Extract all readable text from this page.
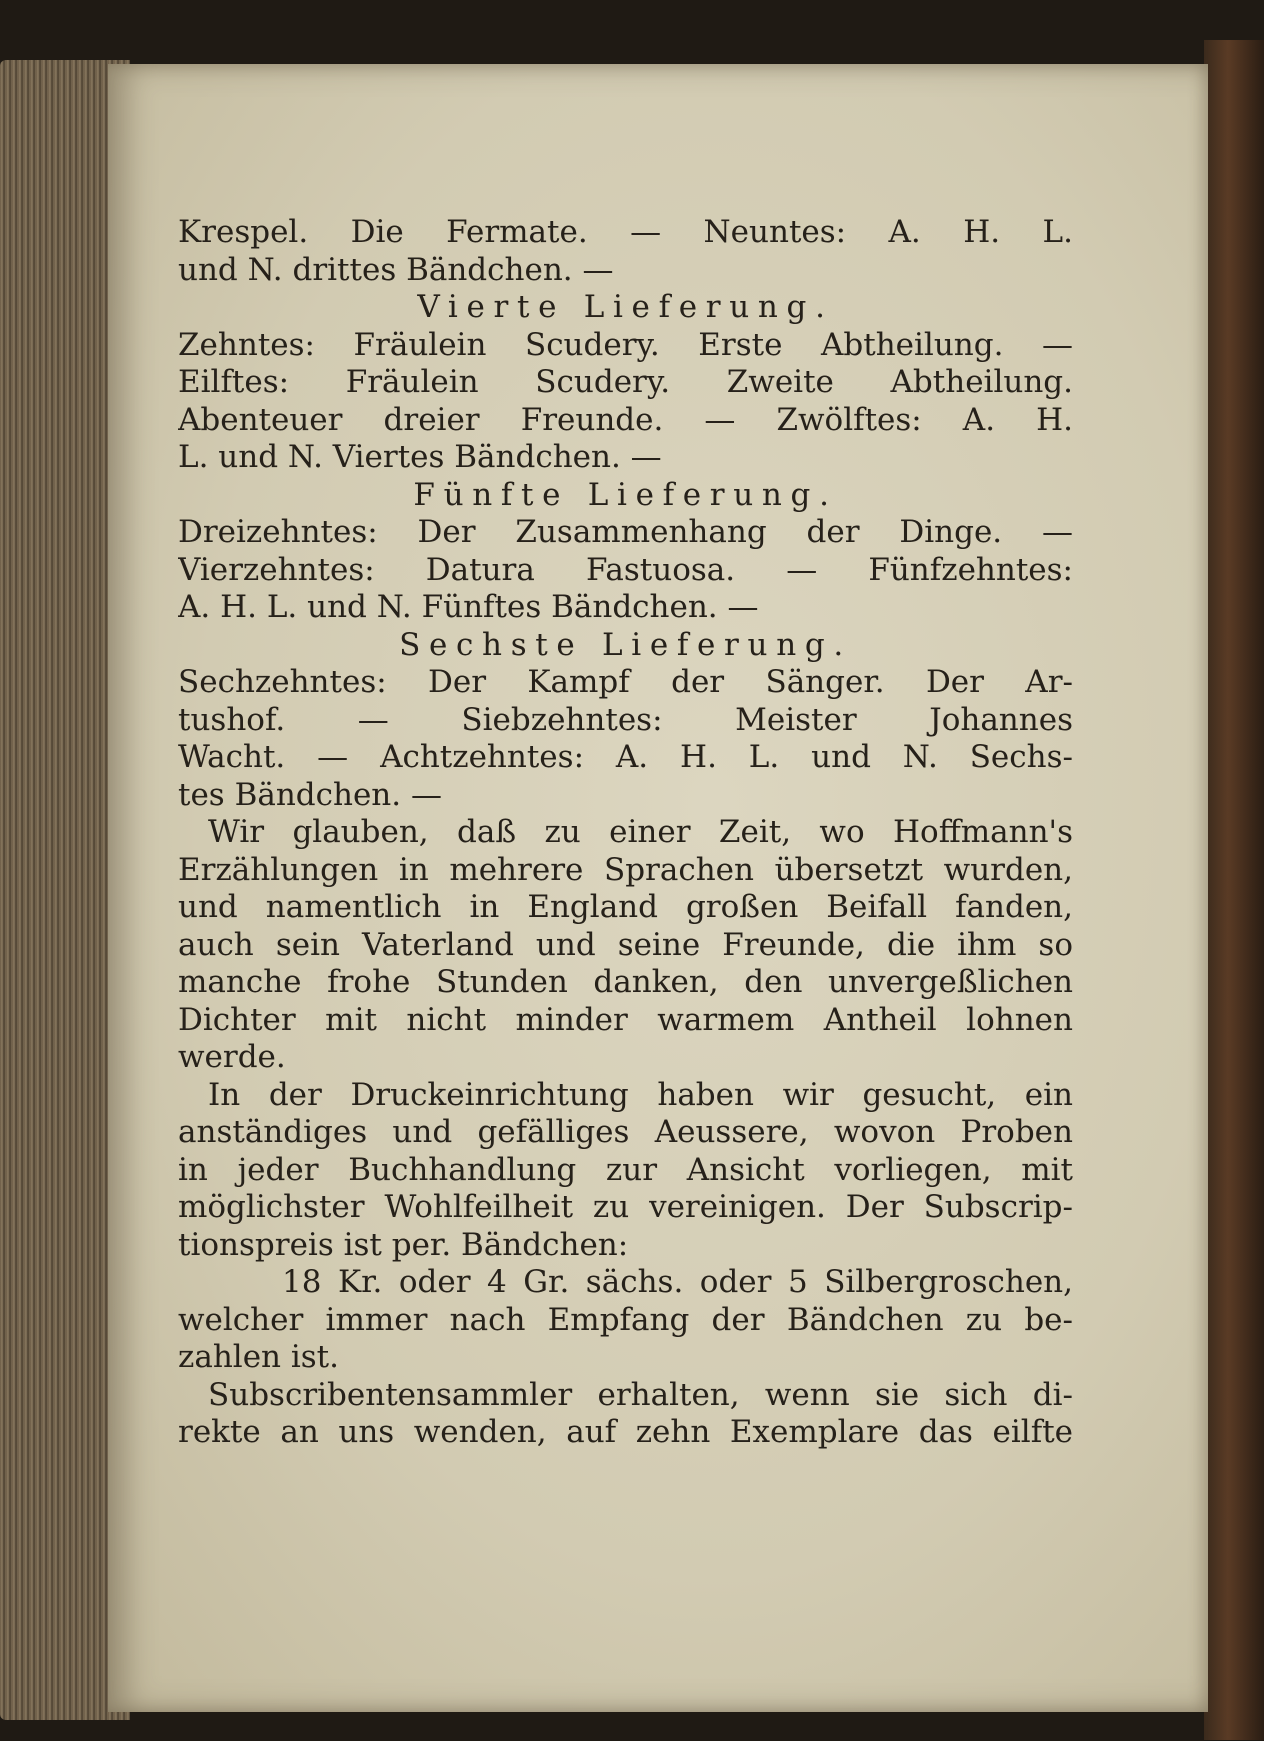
Krespel. Die Fermate. — Neuntes: A. H. L.
und N. drittes Bändchen. —
Vierte Lieferung.
Zehntes: Fräulein Scudery. Erste Abtheilung. —
Eilftes: Fräulein Scudery. Zweite Abtheilung.
Abenteuer dreier Freunde. — Zwölftes: A. H.
L. und N. Viertes Bändchen. —
Fünfte Lieferung.
Dreizehntes: Der Zusammenhang der Dinge. —
Vierzehntes: Datura Fastuosa. — Fünfzehntes:
A. H. L. und N. Fünftes Bändchen. —
Sechste Lieferung.
Sechzehntes: Der Kampf der Sänger. Der Ar-
tushof. — Siebzehntes: Meister Johannes
Wacht. — Achtzehntes: A. H. L. und N. Sechs-
tes Bändchen. —
Wir glauben, daß zu einer Zeit, wo Hoffmann's
Erzählungen in mehrere Sprachen übersetzt wurden,
und namentlich in England großen Beifall fanden,
auch sein Vaterland und seine Freunde, die ihm so
manche frohe Stunden danken, den unvergeßlichen
Dichter mit nicht minder warmem Antheil lohnen
werde.
In der Druckeinrichtung haben wir gesucht, ein
anständiges und gefälliges Aeussere, wovon Proben
in jeder Buchhandlung zur Ansicht vorliegen, mit
möglichster Wohlfeilheit zu vereinigen. Der Subscrip-
tionspreis ist per. Bändchen:
18 Kr. oder 4 Gr. sächs. oder 5 Silbergroschen,
welcher immer nach Empfang der Bändchen zu be-
zahlen ist.
Subscribentensammler erhalten, wenn sie sich di-
rekte an uns wenden, auf zehn Exemplare das eilfte
